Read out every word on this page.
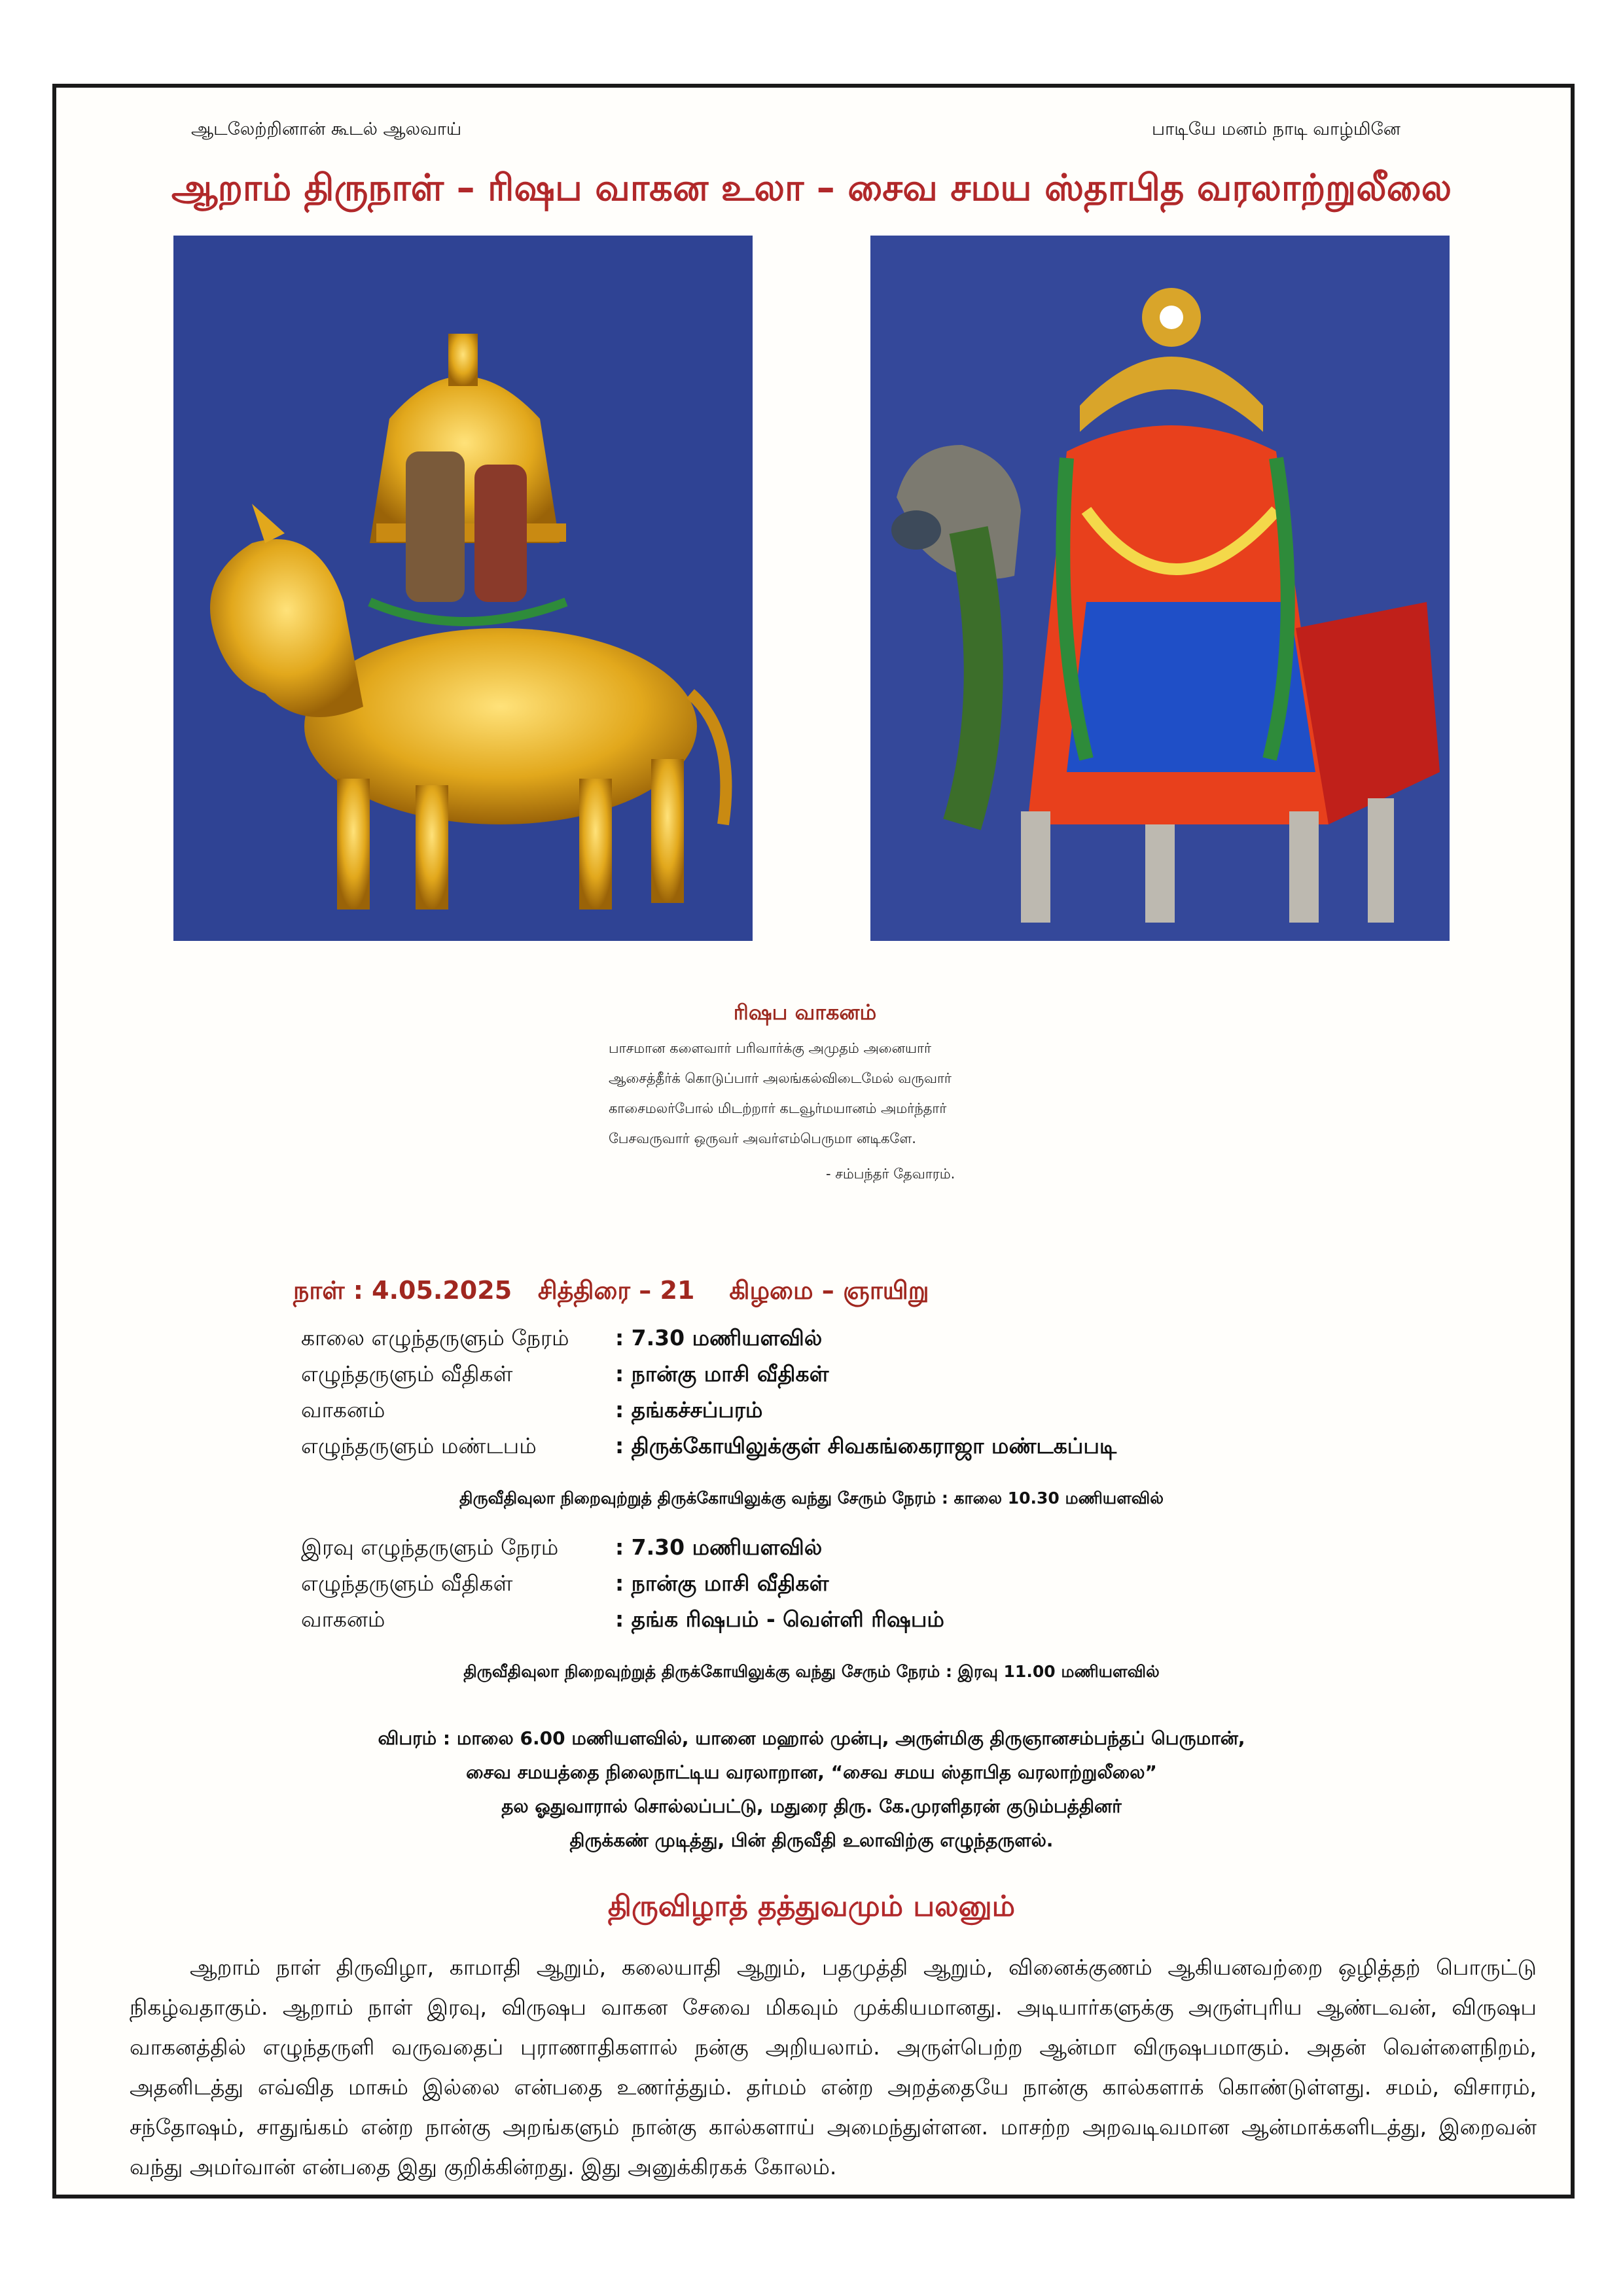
ஆடலேற்றினான் கூடல் ஆலவாய்	பாடியே மனம் நாடி வாழ்மினே
ஆறாம் திருநாள் – ரிஷப வாகன உலா – சைவ சமய ஸ்தாபித வரலாற்றுலீலை
ரிஷப வாகனம்
பாசமான களைவார் பரிவார்க்கு அமுதம் அனையார்
ஆசைத்தீர்க் கொடுப்பார் அலங்கல்விடைமேல் வருவார்
காசைமலர்போல் மிடற்றார் கடவூர்மயானம் அமர்ந்தார்
பேசவருவார் ஒருவர் அவர்எம்பெருமா னடிகளே.
- சம்பந்தர் தேவாரம்.
நாள் : 4.05.2025   சித்திரை – 21    கிழமை – ஞாயிறு
காலை எழுந்தருளும் நேரம் : 7.30 மணியளவில்
எழுந்தருளும் வீதிகள்	: நான்கு மாசி வீதிகள்
வாகனம்	: தங்கச்சப்பரம்
எழுந்தருளும் மண்டபம்	: திருக்கோயிலுக்குள் சிவகங்கைராஜா மண்டகப்படி
திருவீதிவுலா நிறைவுற்றுத் திருக்கோயிலுக்கு வந்து சேரும் நேரம் : காலை 10.30 மணியளவில்
இரவு எழுந்தருளும் நேரம்	: 7.30 மணியளவில்
எழுந்தருளும் வீதிகள்	: நான்கு மாசி வீதிகள்
வாகனம்	: தங்க ரிஷபம் - வெள்ளி ரிஷபம்
திருவீதிவுலா நிறைவுற்றுத் திருக்கோயிலுக்கு வந்து சேரும் நேரம் : இரவு 11.00 மணியளவில்
விபரம் : மாலை 6.00 மணியளவில், யானை மஹால் முன்பு, அருள்மிகு திருஞானசம்பந்தப் பெருமான்,
சைவ சமயத்தை நிலைநாட்டிய வரலாறான, “சைவ சமய ஸ்தாபித வரலாற்றுலீலை”
தல ஓதுவாரால் சொல்லப்பட்டு, மதுரை திரு. கே.முரளிதரன் குடும்பத்தினர்
திருக்கண் முடித்து, பின் திருவீதி உலாவிற்கு எழுந்தருளல்.
திருவிழாத் தத்துவமும் பலனும்
ஆறாம் நாள் திருவிழா, காமாதி ஆறும், கலையாதி ஆறும், பதமுத்தி ஆறும், வினைக்குணம் ஆகியனவற்றை ஒழித்தற் பொருட்டு நிகழ்வதாகும். ஆறாம் நாள் இரவு, விருஷப வாகன சேவை மிகவும் முக்கியமானது. அடியார்களுக்கு அருள்புரிய ஆண்டவன், விருஷப வாகனத்தில் எழுந்தருளி வருவதைப் புராணாதிகளால் நன்கு அறியலாம். அருள்பெற்ற ஆன்மா விருஷபமாகும். அதன் வெள்ளைநிறம், அதனிடத்து எவ்வித மாசும் இல்லை என்பதை உணர்த்தும். தர்மம் என்ற அறத்தையே நான்கு கால்களாக் கொண்டுள்ளது. சமம், விசாரம், சந்தோஷம், சாதுங்கம் என்ற நான்கு அறங்களும் நான்கு கால்களாய் அமைந்துள்ளன. மாசற்ற அறவடிவமான ஆன்மாக்களிடத்து, இறைவன் வந்து அமர்வான் என்பதை இது குறிக்கின்றது. இது அனுக்கிரகக் கோலம்.
